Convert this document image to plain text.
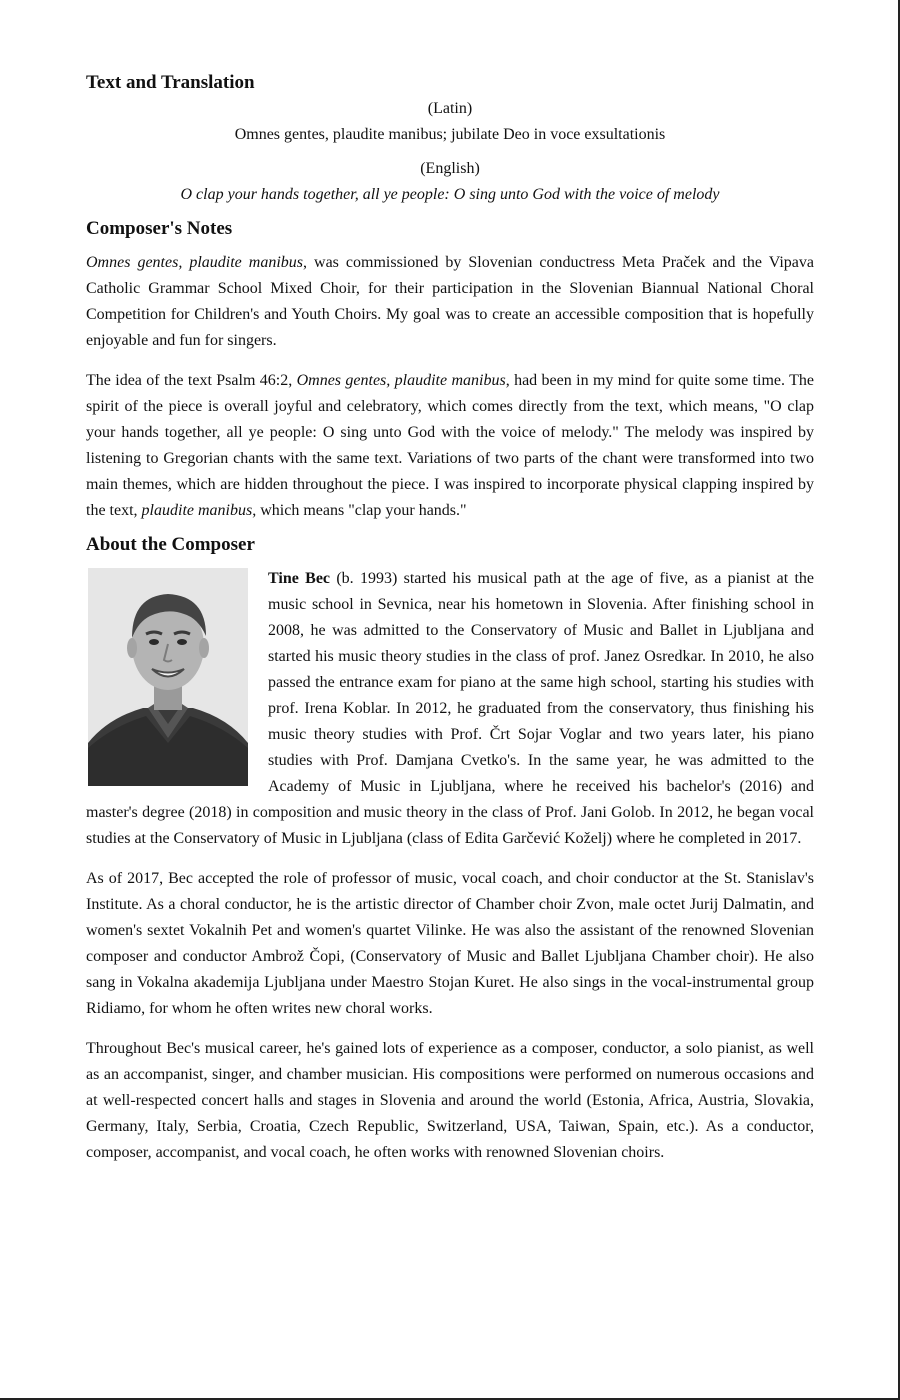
Text and Translation
(Latin)
Omnes gentes, plaudite manibus; jubilate Deo in voce exsultationis
(English)
O clap your hands together, all ye people: O sing unto God with the voice of melody
Composer's Notes

Omnes gentes, plaudite manibus, was commissioned by Slovenian conductress Meta Praček and the Vipava Catholic Grammar School Mixed Choir, for their participation in the Slovenian Biannual National Choral Competition for Children's and Youth Choirs. My goal was to create an accessible composition that is hopefully enjoyable and fun for singers.

The idea of the text Psalm 46:2, Omnes gentes, plaudite manibus, had been in my mind for quite some time. The spirit of the piece is overall joyful and celebratory, which comes directly from the text, which means, "O clap your hands together, all ye people: O sing unto God with the voice of melody." The melody was inspired by listening to Gregorian chants with the same text. Variations of two parts of the chant were transformed into two main themes, which are hidden throughout the piece. I was inspired to incorporate physical clapping inspired by the text, plaudite manibus, which means "clap your hands."

About the Composer

Tine Bec (b. 1993) started his musical path at the age of five, as a pianist at the music school in Sevnica, near his hometown in Slovenia. After finishing school in 2008, he was admitted to the Conservatory of Music and Ballet in Ljubljana and started his music theory studies in the class of prof. Janez Osredkar. In 2010, he also passed the entrance exam for piano at the same high school, starting his studies with prof. Irena Koblar. In 2012, he graduated from the conservatory, thus finishing his music theory studies with Prof. Črt Sojar Voglar and two years later, his piano studies with Prof. Damjana Cvetko's. In the same year, he was admitted to the Academy of Music in Ljubljana, where he received his bachelor's (2016) and master's degree (2018) in composition and music theory in the class of Prof. Jani Golob. In 2012, he began vocal studies at the Conservatory of Music in Ljubljana (class of Edita Garčević Koželj) where he completed in 2017.

As of 2017, Bec accepted the role of professor of music, vocal coach, and choir conductor at the St. Stanislav's Institute. As a choral conductor, he is the artistic director of Chamber choir Zvon, male octet Jurij Dalmatin, and women's sextet Vokalnih Pet and women's quartet Vilinke. He was also the assistant of the renowned Slovenian composer and conductor Ambrož Čopi, (Conservatory of Music and Ballet Ljubljana Chamber choir). He also sang in Vokalna akademija Ljubljana under Maestro Stojan Kuret. He also sings in the vocal-instrumental group Ridiamo, for whom he often writes new choral works.

Throughout Bec's musical career, he's gained lots of experience as a composer, conductor, a solo pianist, as well as an accompanist, singer, and chamber musician. His compositions were performed on numerous occasions and at well-respected concert halls and stages in Slovenia and around the world (Estonia, Africa, Austria, Slovakia, Germany, Italy, Serbia, Croatia, Czech Republic, Switzerland, USA, Taiwan, Spain, etc.). As a conductor, composer, accompanist, and vocal coach, he often works with renowned Slovenian choirs.
